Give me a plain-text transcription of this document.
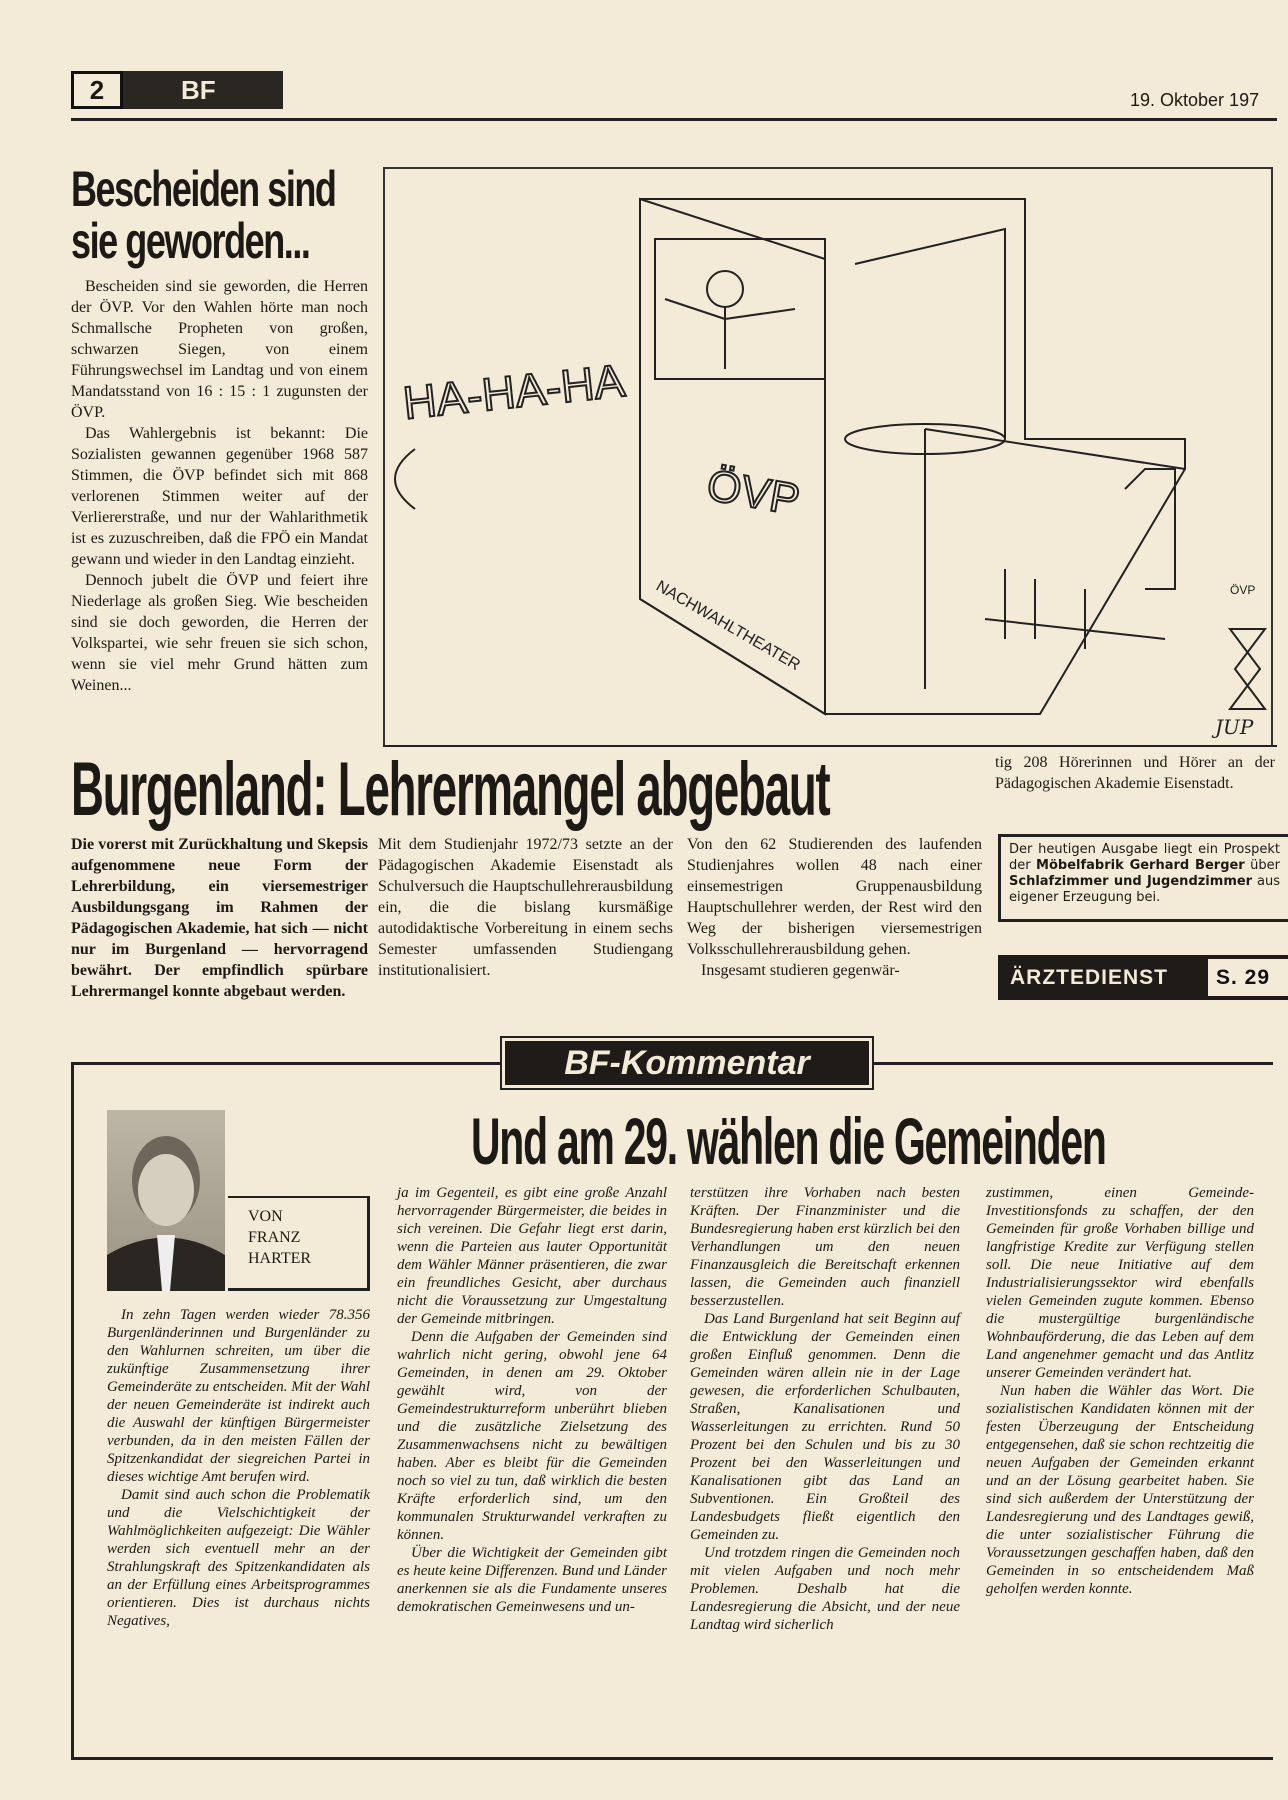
2	BF	19. Oktober 197
Bescheiden sind sie geworden...

Bescheiden sind sie geworden, die Herren der ÖVP. Vor den Wahlen hörte man noch Schmallsche Propheten von großen, schwarzen Siegen, von einem Führungswechsel im Landtag und von einem Mandatsstand von 16 : 15 : 1 zugunsten der ÖVP.

Das Wahlergebnis ist bekannt: Die Sozialisten gewannen gegenüber 1968 587 Stimmen, die ÖVP befindet sich mit 868 verlorenen Stimmen weiter auf der Verliererstraße, und nur der Wahlarithmetik ist es zuzuschreiben, daß die FPÖ ein Mandat gewann und wieder in den Landtag einzieht.

Dennoch jubelt die ÖVP und feiert ihre Niederlage als großen Sieg. Wie bescheiden sind sie doch geworden, die Herren der Volkspartei, wie sehr freuen sie sich schon, wenn sie viel mehr Grund hätten zum Weinen...

HA-HA-HA
ÖVP
NACHWAHLTHEATER	ÖVP
JUP
Burgenland: Lehrermangel abgebaut
Die vorerst mit Zurückhaltung und Skepsis aufgenommene neue Form der Lehrerbildung, ein viersemestriger Ausbildungsgang im Rahmen der Pädagogischen Akademie, hat sich — nicht nur im Burgenland — hervorragend bewährt. Der empfindlich spürbare Lehrermangel konnte abgebaut werden.
Mit dem Studienjahr 1972/73 setzte an der Pädagogischen Akademie Eisenstadt als Schulversuch die Hauptschullehrerausbildung ein, die die bislang kursmäßige autodidaktische Vorbereitung in einem sechs Semester umfassenden Studiengang institutionalisiert.
Von den 62 Studierenden des laufenden Studienjahres wollen 48 nach einer einsemestrigen Gruppenausbildung Hauptschullehrer werden, der Rest wird den Weg der bisherigen viersemestrigen Volksschullehrerausbildung gehen.

Insgesamt studieren gegenwär-

tig 208 Hörerinnen und Hörer an der Pädagogischen Akademie Eisenstadt.
Der heutigen Ausgabe liegt ein Prospekt der Möbelfabrik Gerhard Berger über Schlafzimmer und Jugendzimmer aus eigener Erzeugung bei.
ÄRZTEDIENST	S. 29
BF-Kommentar
VON
FRANZ
HARTER
Und am 29. wählen die Gemeinden

In zehn Tagen werden wieder 78.356 Burgenländerinnen und Burgenländer zu den Wahlurnen schreiten, um über die zukünftige Zusammensetzung ihrer Gemeinderäte zu entscheiden. Mit der Wahl der neuen Gemeinderäte ist indirekt auch die Auswahl der künftigen Bürgermeister verbunden, da in den meisten Fällen der Spitzenkandidat der siegreichen Partei in dieses wichtige Amt berufen wird.

Damit sind auch schon die Problematik und die Vielschichtigkeit der Wahlmöglichkeiten aufgezeigt: Die Wähler werden sich eventuell mehr an der Strahlungskraft des Spitzenkandidaten als an der Erfüllung eines Arbeitsprogrammes orientieren. Dies ist durchaus nichts Negatives,

ja im Gegenteil, es gibt eine große Anzahl hervorragender Bürgermeister, die beides in sich vereinen. Die Gefahr liegt erst darin, wenn die Parteien aus lauter Opportunität dem Wähler Männer präsentieren, die zwar ein freundliches Gesicht, aber durchaus nicht die Voraussetzung zur Umgestaltung der Gemeinde mitbringen.

Denn die Aufgaben der Gemeinden sind wahrlich nicht gering, obwohl jene 64 Gemeinden, in denen am 29. Oktober gewählt wird, von der Gemeindestrukturreform unberührt blieben und die zusätzliche Zielsetzung des Zusammenwachsens nicht zu bewältigen haben. Aber es bleibt für die Gemeinden noch so viel zu tun, daß wirklich die besten Kräfte erforderlich sind, um den kommunalen Strukturwandel verkraften zu können.

Über die Wichtigkeit der Gemeinden gibt es heute keine Differenzen. Bund und Länder anerkennen sie als die Fundamente unseres demokratischen Gemeinwesens und un-

terstützen ihre Vorhaben nach besten Kräften. Der Finanzminister und die Bundesregierung haben erst kürzlich bei den Verhandlungen um den neuen Finanzausgleich die Bereitschaft erkennen lassen, die Gemeinden auch finanziell besserzustellen.

Das Land Burgenland hat seit Beginn auf die Entwicklung der Gemeinden einen großen Einfluß genommen. Denn die Gemeinden wären allein nie in der Lage gewesen, die erforderlichen Schulbauten, Straßen, Kanalisationen und Wasserleitungen zu errichten. Rund 50 Prozent bei den Schulen und bis zu 30 Prozent bei den Wasserleitungen und Kanalisationen gibt das Land an Subventionen. Ein Großteil des Landesbudgets fließt eigentlich den Gemeinden zu.

Und trotzdem ringen die Gemeinden noch mit vielen Aufgaben und noch mehr Problemen. Deshalb hat die Landesregierung die Absicht, und der neue Landtag wird sicherlich

zustimmen, einen Gemeinde-Investitionsfonds zu schaffen, der den Gemeinden für große Vorhaben billige und langfristige Kredite zur Verfügung stellen soll. Die neue Initiative auf dem Industrialisierungssektor wird ebenfalls vielen Gemeinden zugute kommen. Ebenso die mustergültige burgenländische Wohnbauförderung, die das Leben auf dem Land angenehmer gemacht und das Antlitz unserer Gemeinden verändert hat.

Nun haben die Wähler das Wort. Die sozialistischen Kandidaten können mit der festen Überzeugung der Entscheidung entgegensehen, daß sie schon rechtzeitig die neuen Aufgaben der Gemeinden erkannt und an der Lösung gearbeitet haben. Sie sind sich außerdem der Unterstützung der Landesregierung und des Landtages gewiß, die unter sozialistischer Führung die Voraussetzungen geschaffen haben, daß den Gemeinden in so entscheidendem Maß geholfen werden konnte.
